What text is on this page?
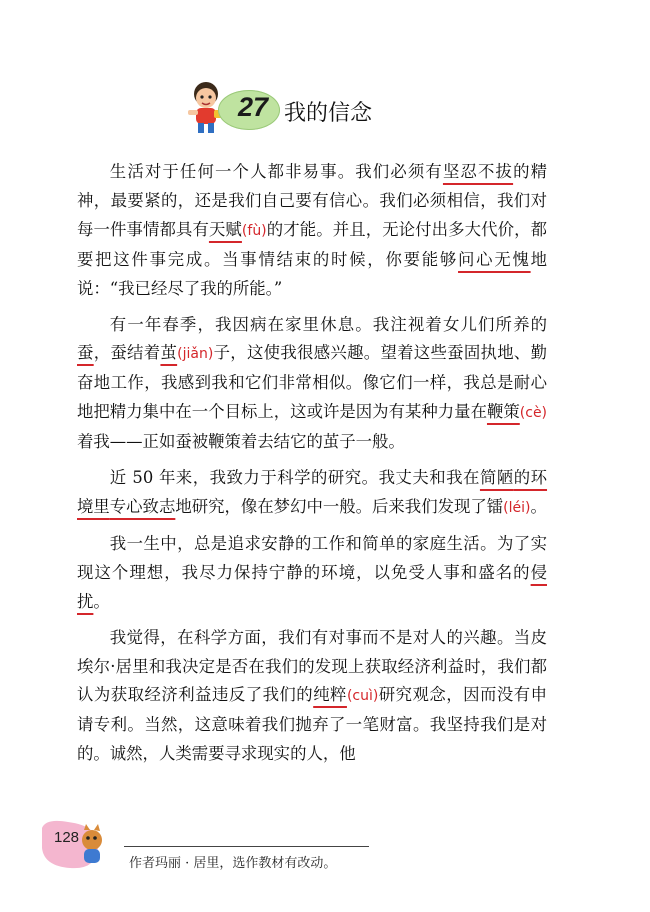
27 我的信念

生活对于任何一个人都非易事。我们必须有坚忍不拔的精神，最要紧的，还是我们自己要有信心。我们必须相信，我们对每一件事情都具有天赋(fù)的才能。并且，无论付出多大代价，都要把这件事完成。当事情结束的时候，你要能够问心无愧地说：“我已经尽了我的所能。”

有一年春季，我因病在家里休息。我注视着女儿们所养的蚕，蚕结着茧(jiǎn)子，这使我很感兴趣。望着这些蚕固执地、勤奋地工作，我感到我和它们非常相似。像它们一样，我总是耐心地把精力集中在一个目标上，这或许是因为有某种力量在鞭策(cè)着我——正如蚕被鞭策着去结它的茧子一般。

近 50 年来，我致力于科学的研究。我丈夫和我在简陋的环境里专心致志地研究，像在梦幻中一般。后来我们发现了镭(léi)。

我一生中，总是追求安静的工作和简单的家庭生活。为了实现这个理想，我尽力保持宁静的环境，以免受人事和盛名的侵扰。

我觉得，在科学方面，我们有对事而不是对人的兴趣。当皮埃尔·居里和我决定是否在我们的发现上获取经济利益时，我们都认为获取经济利益违反了我们的纯粹(cuì)研究观念，因而没有申请专利。当然，这意味着我们抛弃了一笔财富。我坚持我们是对的。诚然，人类需要寻求现实的人，他

128
作者玛丽 · 居里，选作教材有改动。
